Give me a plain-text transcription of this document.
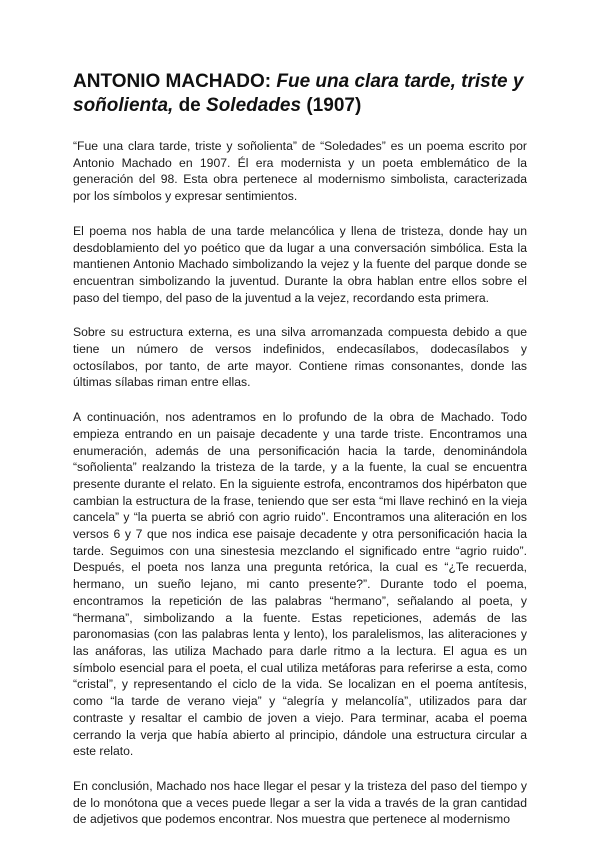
ANTONIO MACHADO: Fue una clara tarde, triste y soñolienta, de Soledades (1907)

“Fue una clara tarde, triste y soñolienta” de “Soledades” es un poema escrito por Antonio Machado en 1907. Él era modernista y un poeta emblemático de la generación del 98. Esta obra pertenece al modernismo simbolista, caracterizada por los símbolos y expresar sentimientos.

El poema nos habla de una tarde melancólica y llena de tristeza, donde hay un desdoblamiento del yo poético que da lugar a una conversación simbólica. Esta la mantienen Antonio Machado simbolizando la vejez y la fuente del parque donde se encuentran simbolizando la juventud. Durante la obra hablan entre ellos sobre el paso del tiempo, del paso de la juventud a la vejez, recordando esta primera.

Sobre su estructura externa, es una silva arromanzada compuesta debido a que tiene un número de versos indefinidos, endecasílabos, dodecasílabos y octosílabos, por tanto, de arte mayor. Contiene rimas consonantes, donde las últimas sílabas riman entre ellas.

A continuación, nos adentramos en lo profundo de la obra de Machado. Todo empieza entrando en un paisaje decadente y una tarde triste. Encontramos una enumeración, además de una personificación hacia la tarde, denominándola “soñolienta” realzando la tristeza de la tarde, y a la fuente, la cual se encuentra presente durante el relato. En la siguiente estrofa, encontramos dos hipérbaton que cambian la estructura de la frase, teniendo que ser esta “mi llave rechinó en la vieja cancela” y “la puerta se abrió con agrio ruido”. Encontramos una aliteración en los versos 6 y 7 que nos indica ese paisaje decadente y otra personificación hacia la tarde. Seguimos con una sinestesia mezclando el significado entre “agrio ruido”. Después, el poeta nos lanza una pregunta retórica, la cual es “¿Te recuerda, hermano, un sueño lejano, mi canto presente?”. Durante todo el poema, encontramos la repetición de las palabras “hermano”, señalando al poeta, y “hermana”, simbolizando a la fuente. Estas repeticiones, además de las paronomasias (con las palabras lenta y lento), los paralelismos, las aliteraciones y las anáforas, las utiliza Machado para darle ritmo a la lectura. El agua es un símbolo esencial para el poeta, el cual utiliza metáforas para referirse a esta, como “cristal”, y representando el ciclo de la vida. Se localizan en el poema antítesis, como “la tarde de verano vieja” y “alegría y melancolía”, utilizados para dar contraste y resaltar el cambio de joven a viejo. Para terminar, acaba el poema cerrando la verja que había abierto al principio, dándole una estructura circular a este relato.

En conclusión, Machado nos hace llegar el pesar y la tristeza del paso del tiempo y de lo monótona que a veces puede llegar a ser la vida a través de la gran cantidad de adjetivos que podemos encontrar. Nos muestra que pertenece al modernismo
